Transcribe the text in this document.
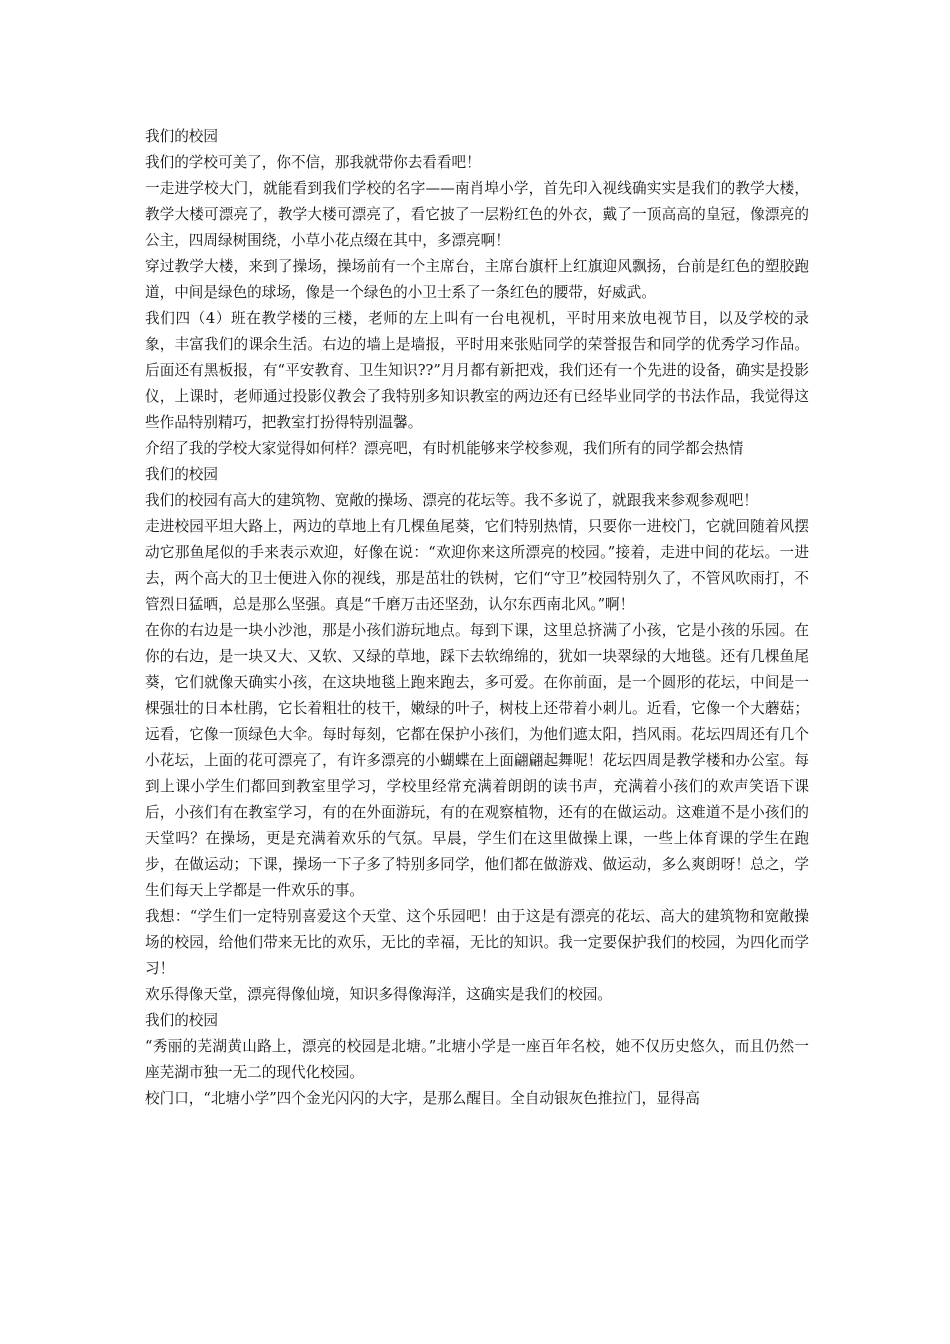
我们的校园

我们的学校可美了，你不信，那我就带你去看看吧！

一走进学校大门，就能看到我们学校的名字——南肖埠小学，首先印入视线确实实是我们的教学大楼，教学大楼可漂亮了，教学大楼可漂亮了，看它披了一层粉红色的外衣，戴了一顶高高的皇冠，像漂亮的公主，四周绿树围绕，小草小花点缀在其中，多漂亮啊！

穿过教学大楼，来到了操场，操场前有一个主席台，主席台旗杆上红旗迎风飘扬，台前是红色的塑胶跑道，中间是绿色的球场，像是一个绿色的小卫士系了一条红色的腰带，好威武。

我们四（4）班在教学楼的三楼，老师的左上叫有一台电视机，平时用来放电视节目，以及学校的录象，丰富我们的课余生活。右边的墙上是墙报，平时用来张贴同学的荣誉报告和同学的优秀学习作品。后面还有黑板报，有“平安教育、卫生知识??”月月都有新把戏，我们还有一个先进的设备，确实是投影仪，上课时，老师通过投影仪教会了我特别多知识教室的两边还有已经毕业同学的书法作品，我觉得这些作品特别精巧，把教室打扮得特别温馨。

介绍了我的学校大家觉得如何样？漂亮吧，有时机能够来学校参观，我们所有的同学都会热情

我们的校园

我们的校园有高大的建筑物、宽敞的操场、漂亮的花坛等。我不多说了，就跟我来参观参观吧！

走进校园平坦大路上，两边的草地上有几棵鱼尾葵，它们特别热情，只要你一进校门，它就回随着风摆动它那鱼尾似的手来表示欢迎，好像在说：“欢迎你来这所漂亮的校园。”接着，走进中间的花坛。一进去，两个高大的卫士便进入你的视线，那是茁壮的铁树，它们“守卫”校园特别久了，不管风吹雨打，不管烈日猛晒，总是那么坚强。真是“千磨万击还坚劲，认尔东西南北风。”啊！

在你的右边是一块小沙池，那是小孩们游玩地点。每到下课，这里总挤满了小孩，它是小孩的乐园。在你的右边，是一块又大、又软、又绿的草地，踩下去软绵绵的，犹如一块翠绿的大地毯。还有几棵鱼尾葵，它们就像天确实小孩，在这块地毯上跑来跑去，多可爱。在你前面，是一个圆形的花坛，中间是一棵强壮的日本杜鹃，它长着粗壮的枝干，嫩绿的叶子，树枝上还带着小刺儿。近看，它像一个大蘑菇；远看，它像一顶绿色大伞。每时每刻，它都在保护小孩们，为他们遮太阳，挡风雨。花坛四周还有几个小花坛，上面的花可漂亮了，有许多漂亮的小蝴蝶在上面翩翩起舞呢！花坛四周是教学楼和办公室。每到上课小学生们都回到教室里学习，学校里经常充满着朗朗的读书声，充满着小孩们的欢声笑语下课后，小孩们有在教室学习，有的在外面游玩，有的在观察植物，还有的在做运动。这难道不是小孩们的天堂吗？在操场，更是充满着欢乐的气氛。早晨，学生们在这里做操上课，一些上体育课的学生在跑步，在做运动；下课，操场一下子多了特别多同学，他们都在做游戏、做运动，多么爽朗呀！总之，学生们每天上学都是一件欢乐的事。

我想：“学生们一定特别喜爱这个天堂、这个乐园吧！由于这是有漂亮的花坛、高大的建筑物和宽敞操场的校园，给他们带来无比的欢乐，无比的幸福，无比的知识。我一定要保护我们的校园，为四化而学习！

欢乐得像天堂，漂亮得像仙境，知识多得像海洋，这确实是我们的校园。

我们的校园

“秀丽的芜湖黄山路上，漂亮的校园是北塘。”北塘小学是一座百年名校，她不仅历史悠久，而且仍然一座芜湖市独一无二的现代化校园。

校门口，“北塘小学”四个金光闪闪的大字，是那么醒目。全自动银灰色推拉门，显得高
